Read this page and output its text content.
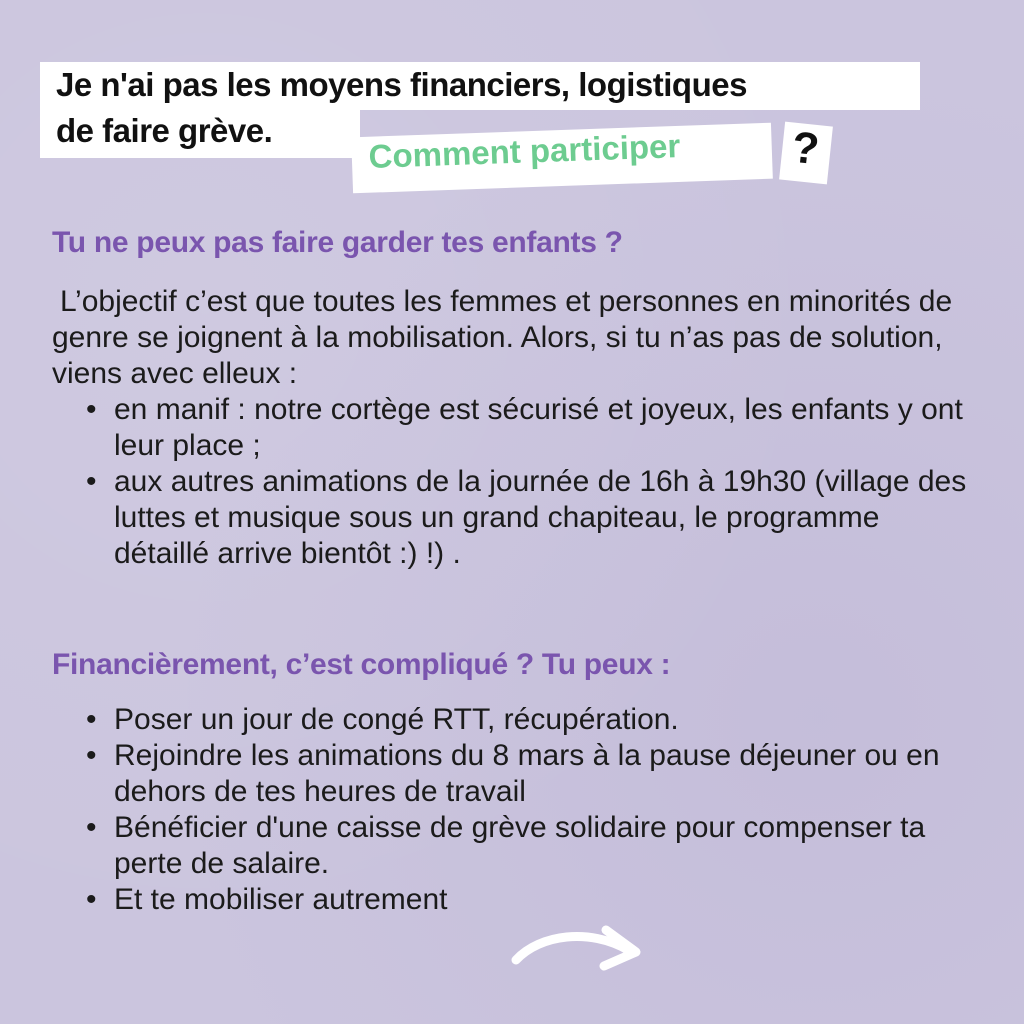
Je n'ai pas les moyens financiers, logistiques
de faire grève.	Comment participer ?
Tu ne peux pas faire garder tes enfants ?

L’objectif c’est que toutes les femmes et personnes en minorités de genre se joignent à la mobilisation. Alors, si tu n’as pas de solution, viens avec elleux :

• en manif : notre cortège est sécurisé et joyeux, les enfants y ont leur place ;
• aux autres animations de la journée de 16h à 19h30 (village des luttes et musique sous un grand chapiteau, le programme détaillé arrive bientôt :) !) .
Financièrement, c’est compliqué ? Tu peux :
• Poser un jour de congé RTT, récupération.
• Rejoindre les animations du 8 mars à la pause déjeuner ou en dehors de tes heures de travail
• Bénéficier d'une caisse de grève solidaire pour compenser ta perte de salaire.
• Et te mobiliser autrement
